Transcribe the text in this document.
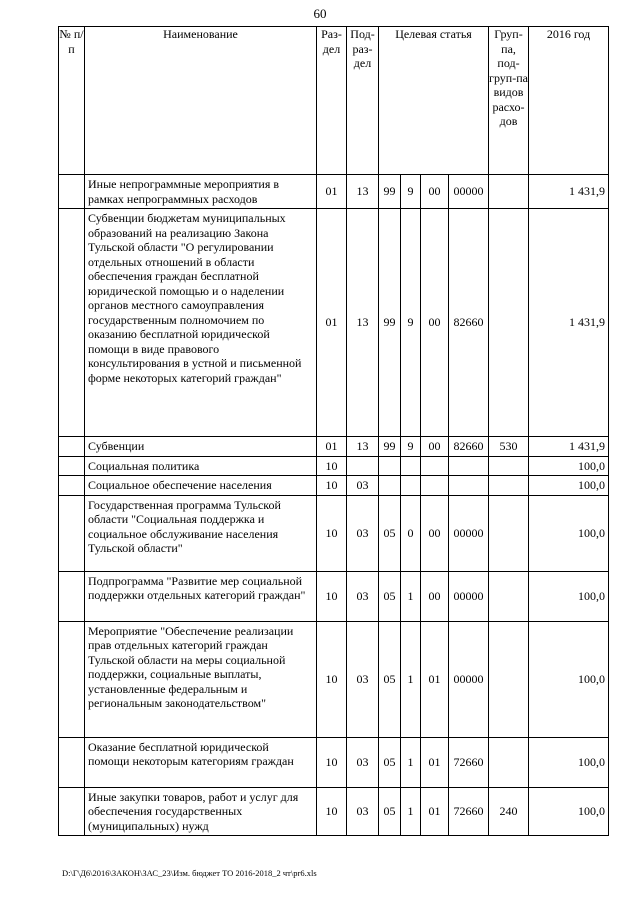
60
№ п/п	Наименование	Раз-дел	Под-раз-дел	Целевая статья				Груп-па, под-груп-па видов расхо-дов	2016 год
	Иные непрограммные мероприятия в рамках непрограммных расходов	01	13	99	9	00	00000		1 431,9
	Субвенции бюджетам муниципальных образований на реализацию Закона Тульской области "О регулировании отдельных отношений в области обеспечения граждан бесплатной юридической помощью и о наделении органов местного самоуправления государственным полномочием по оказанию бесплатной юридической помощи в виде правового консультирования в устной и письменной форме некоторых категорий граждан"	01	13	99	9	00	82660		1 431,9
	Субвенции	01	13	99	9	00	82660	530	1 431,9
	Социальная политика	10							100,0
	Социальное обеспечение населения	10	03						100,0
	Государственная программа Тульской области "Социальная поддержка и социальное обслуживание населения Тульской области"	10	03	05	0	00	00000		100,0
	Подпрограмма "Развитие мер социальной поддержки отдельных категорий граждан"	10	03	05	1	00	00000		100,0
	Мероприятие "Обеспечение реализации прав отдельных категорий граждан Тульской области на меры социальной поддержки, социальные выплаты, установленные федеральным и региональным законодательством"	10	03	05	1	01	00000		100,0
	Оказание бесплатной юридической помощи некоторым категориям граждан	10	03	05	1	01	72660		100,0
	Иные закупки товаров, работ и услуг для обеспечения государственных (муниципальных) нужд	10	03	05	1	01	72660	240	100,0
D:\Г\Д6\2016\ЗАКОН\ЗАС_23\Изм. бюджет ТО 2016-2018_2 чт\рr6.xls
